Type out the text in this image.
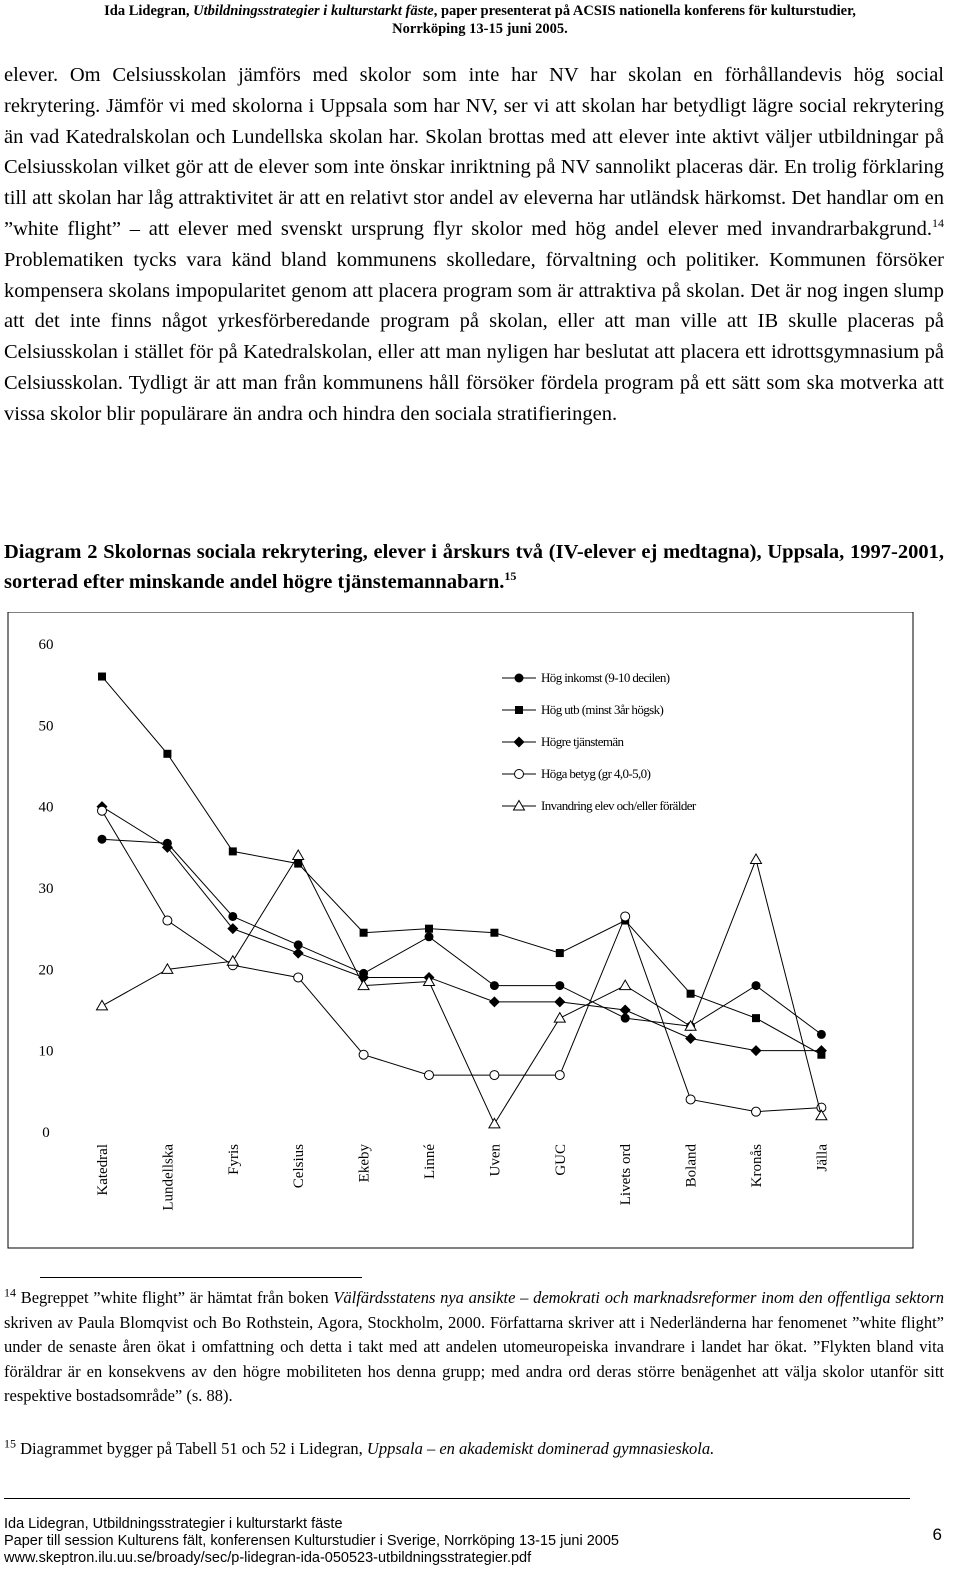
Ida Lidegran, Utbildningsstrategier i kulturstarkt fäste, paper presenterat på ACSIS nationella konferens för kulturstudier,
Norrköping 13-15 juni 2005.
elever. Om Celsiusskolan jämförs med skolor som inte har NV har skolan en förhållandevis hög social rekrytering. Jämför vi med skolorna i Uppsala som har NV, ser vi att skolan har betydligt lägre social rekrytering än vad Katedralskolan och Lundellska skolan har. Skolan brottas med att elever inte aktivt väljer utbildningar på Celsiusskolan vilket gör att de elever som inte önskar inriktning på NV sannolikt placeras där. En trolig förklaring till att skolan har låg attraktivitet är att en relativt stor andel av eleverna har utländsk härkomst. Det handlar om en ”white flight” – att elever med svenskt ursprung flyr skolor med hög andel elever med invandrarbakgrund.$^{14}$ Problematiken tycks vara känd bland kommunens skolledare, förvaltning och politiker. Kommunen försöker kompensera skolans impopularitet genom att placera program som är attraktiva på skolan. Det är nog ingen slump att det inte finns något yrkesförberedande program på skolan, eller att man ville att IB skulle placeras på Celsiusskolan i stället för på Katedralskolan, eller att man nyligen har beslutat att placera ett idrottsgymnasium på Celsiusskolan. Tydligt är att man från kommunens håll försöker fördela program på ett sätt som ska motverka att vissa skolor blir populärare än andra och hindra den sociala stratifieringen.
Diagram 2 Skolornas sociala rekrytering, elever i årskurs två (IV-elever ej medtagna), Uppsala, 1997-2001, sorterad efter minskande andel högre tjänstemannabarn.$^{15}$
0
10
20
30
40
50
60
Katedral	Lundellska	Fyris	Celsius	Ekeby	Linné	Uven	GUC	Livets ord	Boland	Kronås	Jälla
Hög inkomst (9-10 decilen)
Hög utb (minst 3år högsk)
Högre tjänstemän
Höga betyg (gr 4,0-5,0)
Invandring elev och/eller förälder
$^{14}$ Begreppet ”white flight” är hämtat från boken Välfärdsstatens nya ansikte – demokrati och marknadsreformer inom den offentliga sektorn skriven av Paula Blomqvist och Bo Rothstein, Agora, Stockholm, 2000. Författarna skriver att i Nederländerna har fenomenet ”white flight” under de senaste åren ökat i omfattning och detta i takt med att andelen utomeuropeiska invandrare i landet har ökat. ”Flykten bland vita föräldrar är en konsekvens av den högre mobiliteten hos denna grupp; med andra ord deras större benägenhet att välja skolor utanför sitt respektive bostadsområde” (s. 88).
$^{15}$ Diagrammet bygger på Tabell 51 och 52 i Lidegran, Uppsala – en akademiskt dominerad gymnasieskola.
Ida Lidegran, Utbildningsstrategier i kulturstarkt fäste
Paper till session Kulturens fält, konferensen Kulturstudier i Sverige, Norrköping 13-15 juni 2005
www.skeptron.ilu.uu.se/broady/sec/p-lidegran-ida-050523-utbildningsstrategier.pdf
6
